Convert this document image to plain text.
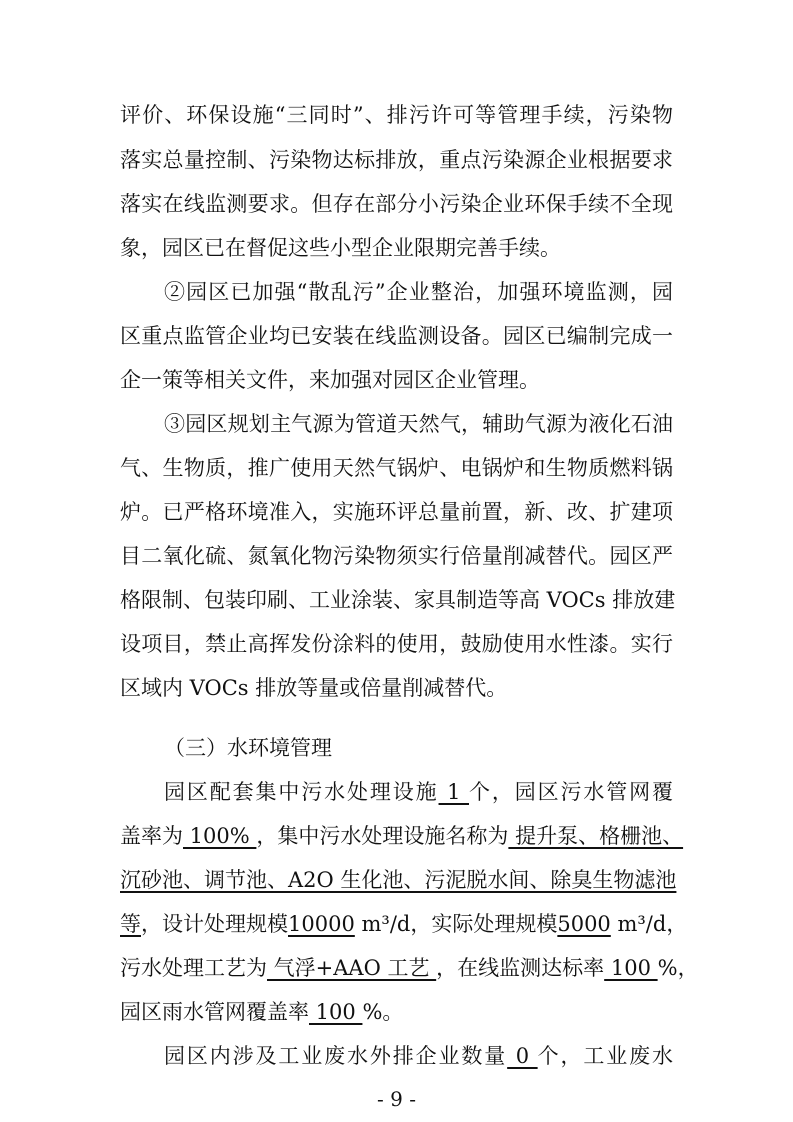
评价、环保设施“三同时”、排污许可等管理手续，污染物
落实总量控制、污染物达标排放，重点污染源企业根据要求
落实在线监测要求。但存在部分小污染企业环保手续不全现
象，园区已在督促这些小型企业限期完善手续。
②园区已加强“散乱污”企业整治，加强环境监测，园
区重点监管企业均已安装在线监测设备。园区已编制完成一
企一策等相关文件，来加强对园区企业管理。
③园区规划主气源为管道天然气，辅助气源为液化石油
气、生物质，推广使用天然气锅炉、电锅炉和生物质燃料锅
炉。已严格环境准入，实施环评总量前置，新、改、扩建项
目二氧化硫、氮氧化物污染物须实行倍量削减替代。园区严
格限制、包装印刷、工业涂装、家具制造等高 VOCs 排放建
设项目，禁止高挥发份涂料的使用，鼓励使用水性漆。实行
区域内 VOCs 排放等量或倍量削减替代。
（三）水环境管理
园区配套集中污水处理设施 1 个，园区污水管网覆
盖率为 100% ，集中污水处理设施名称为 提升泵、格栅池、
沉砂池、调节池、A2O 生化池、污泥脱水间、除臭生物滤池
等，设计处理规模10000 m³/d，实际处理规模5000 m³/d，
污水处理工艺为 气浮+AAO 工艺 ，在线监测达标率 100 %，
园区雨水管网覆盖率 100 %。
- 9 -
园区内涉及工业废水外排企业数量 0 个，工业废水
